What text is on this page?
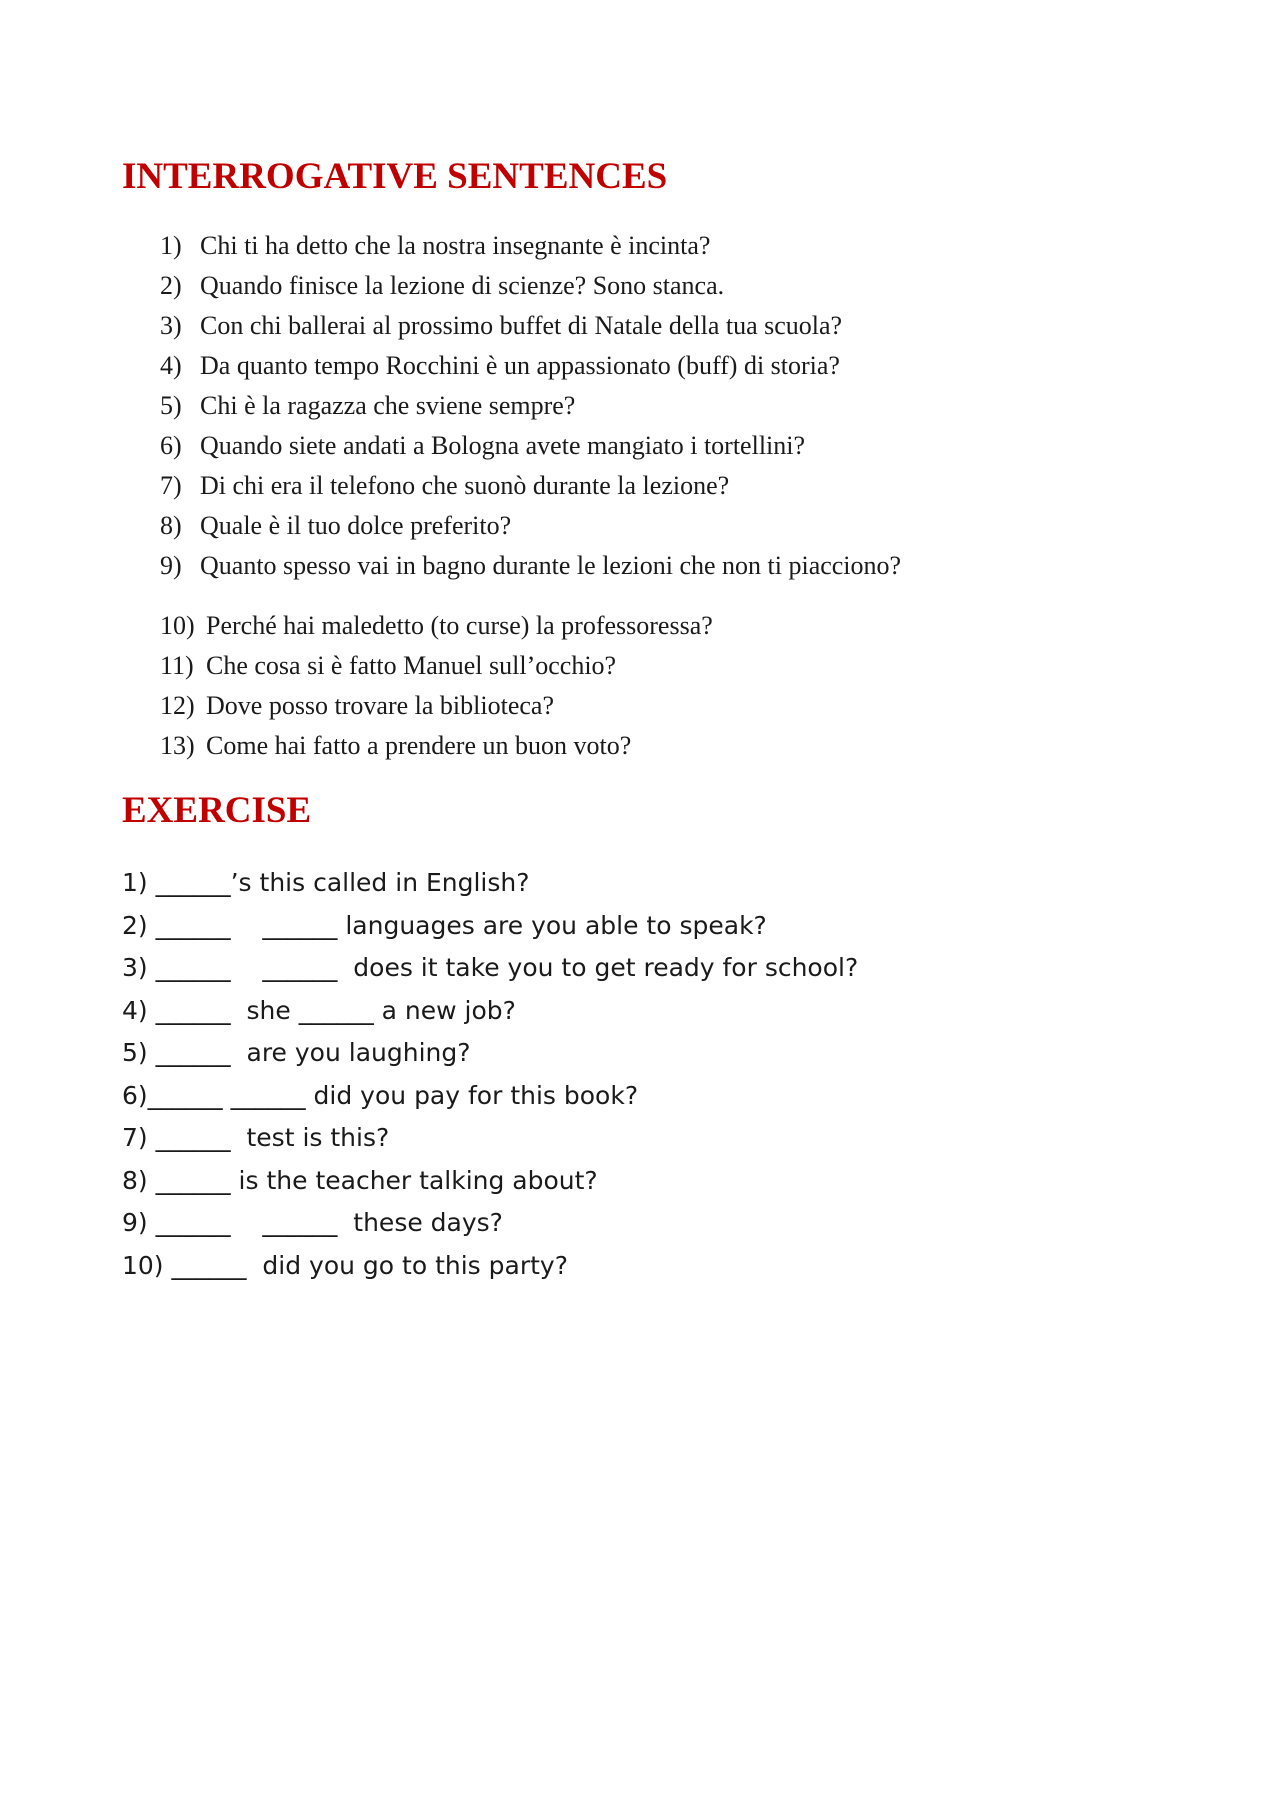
INTERROGATIVE SENTENCES
1) Chi ti ha detto che la nostra insegnante è incinta?
2) Quando finisce la lezione di scienze? Sono stanca.
3) Con chi ballerai al prossimo buffet di Natale della tua scuola?
4) Da quanto tempo Rocchini è un appassionato (buff) di storia?
5) Chi è la ragazza che sviene sempre?
6) Quando siete andati a Bologna avete mangiato i tortellini?
7) Di chi era il telefono che suonò durante la lezione?
8) Quale è il tuo dolce preferito?
9) Quanto spesso vai in bagno durante le lezioni che non ti piacciono?
10) Perché hai maledetto (to curse) la professoressa?
11) Che cosa si è fatto Manuel sull’occhio?
12) Dove posso trovare la biblioteca?
13) Come hai fatto a prendere un buon voto?
EXERCISE
1) ______’s this called in English?
2) ______    ______ languages are you able to speak?
3) ______    ______  does it take you to get ready for school?
4) ______  she ______ a new job?
5) ______  are you laughing?
6)______ ______ did you pay for this book?
7) ______  test is this?
8) ______ is the teacher talking about?
9) ______    ______  these days?
10) ______  did you go to this party?
